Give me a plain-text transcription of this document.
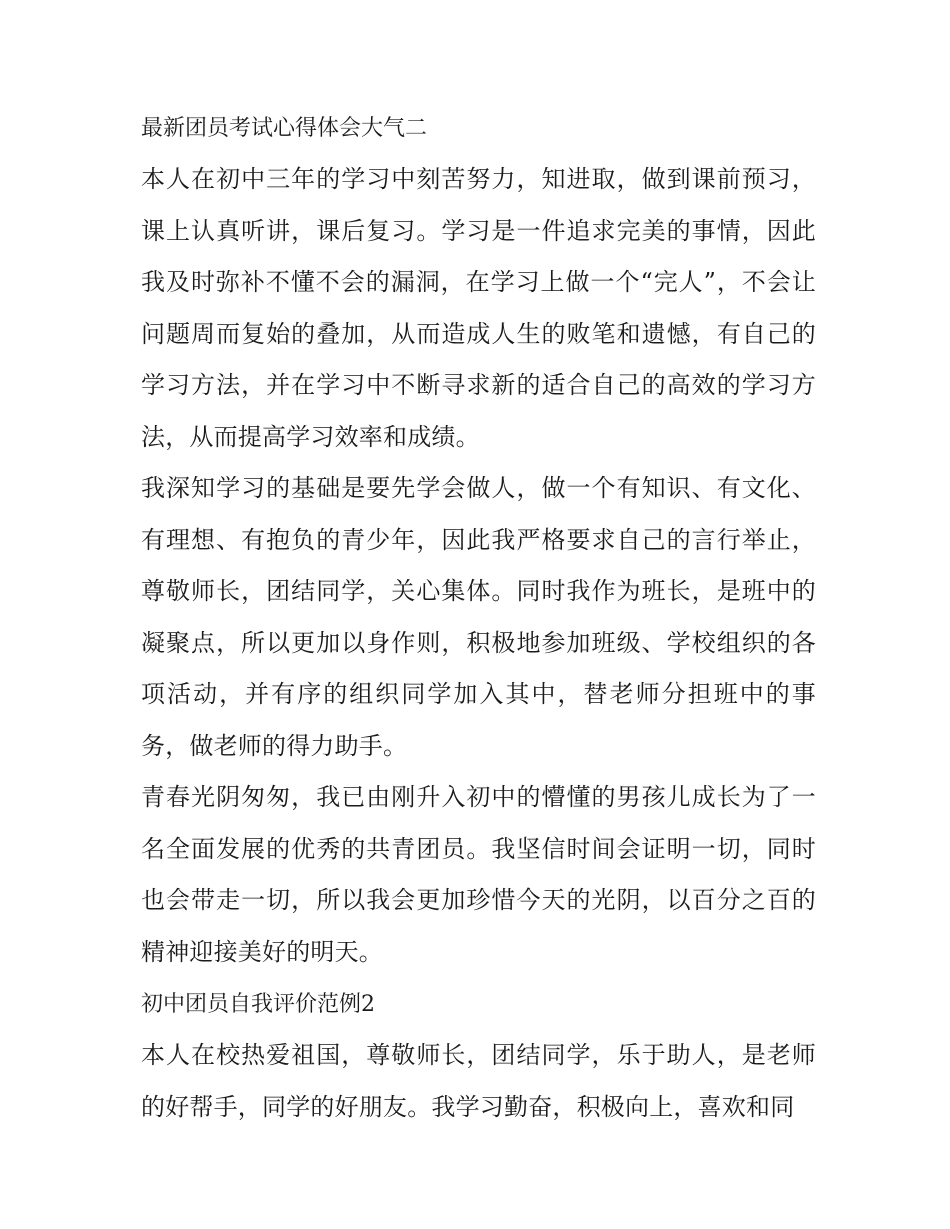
最新团员考试心得体会大气二

本人在初中三年的学习中刻苦努力，知进取，做到课前预习，课上认真听讲，课后复习。学习是一件追求完美的事情，因此我及时弥补不懂不会的漏洞，在学习上做一个“完人”，不会让问题周而复始的叠加，从而造成人生的败笔和遗憾，有自己的学习方法，并在学习中不断寻求新的适合自己的高效的学习方法，从而提高学习效率和成绩。

我深知学习的基础是要先学会做人，做一个有知识、有文化、有理想、有抱负的青少年，因此我严格要求自己的言行举止，尊敬师长，团结同学，关心集体。同时我作为班长，是班中的凝聚点，所以更加以身作则，积极地参加班级、学校组织的各项活动，并有序的组织同学加入其中，替老师分担班中的事务，做老师的得力助手。

青春光阴匆匆，我已由刚升入初中的懵懂的男孩儿成长为了一名全面发展的优秀的共青团员。我坚信时间会证明一切，同时也会带走一切，所以我会更加珍惜今天的光阴，以百分之百的精神迎接美好的明天。

初中团员自我评价范例2

本人在校热爱祖国，尊敬师长，团结同学，乐于助人，是老师的好帮手，同学的好朋友。我学习勤奋，积极向上，喜欢和同
